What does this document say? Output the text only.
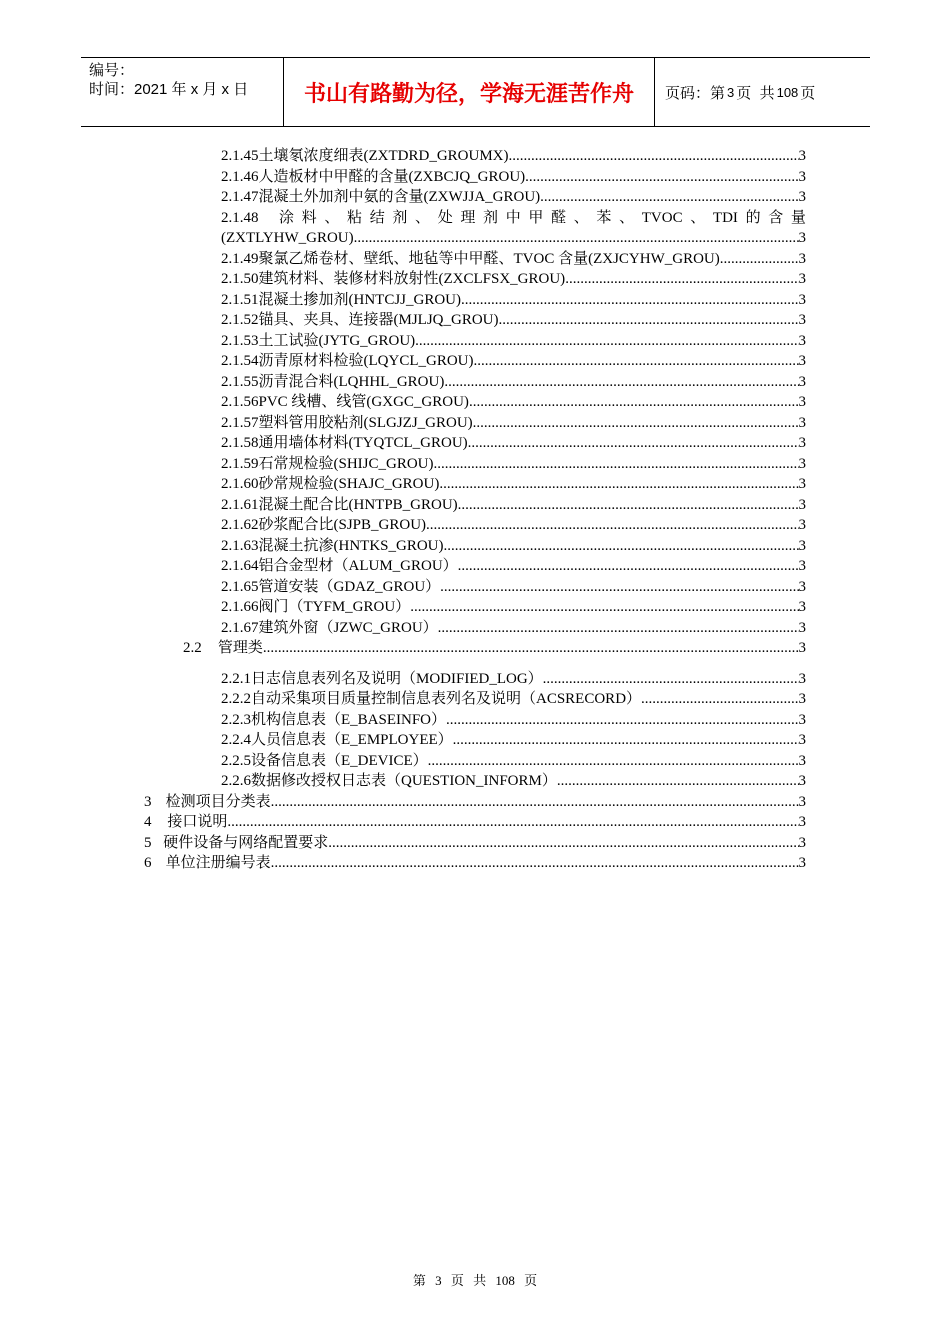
编号：
时间：2021 年 x 月 x 日	书山有路勤为径，学海无涯苦作舟	页码：第 3 页  共 108 页
2.1.45 土壤氡浓度细表(ZXTDRD_GROUMX) .....	3
2.1.46 人造板材中甲醛的含量(ZXBCJQ_GROU) .....	3
2.1.47 混凝土外加剂中氨的含量(ZXWJJA_GROU) .....	3
2.1.48	涂 料 、 粘 结 剂 、 处 理 剂 中 甲 醛 、 苯 、 TVOC 、 TDI 的 含 量
(ZXTLYHW_GROU) .....	3
2.1.49 聚氯乙烯卷材、壁纸、地毡等中甲醛、TVOC 含量(ZXJCYHW_GROU) .....	3
2.1.50 建筑材料、装修材料放射性(ZXCLFSX_GROU) .....	3
2.1.51 混凝土掺加剂(HNTCJJ_GROU) .....	3
2.1.52 锚具、夹具、连接器(MJLJQ_GROU) .....	3
2.1.53 土工试验(JYTG_GROU) .....	3
2.1.54 沥青原材料检验(LQYCL_GROU) .....	3
2.1.55 沥青混合料(LQHHL_GROU) .....	3
2.1.56 PVC 线槽、线管(GXGC_GROU) .....	3
2.1.57 塑料管用胶粘剂(SLGJZJ_GROU) .....	3
2.1.58 通用墙体材料(TYQTCL_GROU) .....	3
2.1.59 石常规检验(SHIJC_GROU) .....	3
2.1.60 砂常规检验(SHAJC_GROU) .....	3
2.1.61 混凝土配合比(HNTPB_GROU) .....	3
2.1.62 砂浆配合比(SJPB_GROU) .....	3
2.1.63 混凝土抗渗(HNTKS_GROU) .....	3
2.1.64 铝合金型材（ALUM_GROU） .....	3
2.1.65 管道安装（GDAZ_GROU） .....	3
2.1.66 阀门（TYFM_GROU） .....	3
2.1.67 建筑外窗（JZWC_GROU） .....	3
2.2	管理类 .....	3
2.2.1 日志信息表列名及说明（MODIFIED_LOG） .....	3
2.2.2 自动采集项目质量控制信息表列名及说明（ACSRECORD） .....	3
2.2.3 机构信息表（E_BASEINFO） .....	3
2.2.4 人员信息表（E_EMPLOYEE） .....	3
2.2.5 设备信息表（E_DEVICE） .....	3
2.2.6 数据修改授权日志表（QUESTION_INFORM） .....	3
3 检测项目分类表 .....	3
4	接口说明 .....	3
5 硬件设备与网络配置要求 .....	3
6 单位注册编号表 .....	3
第 3 页 共 108 页
